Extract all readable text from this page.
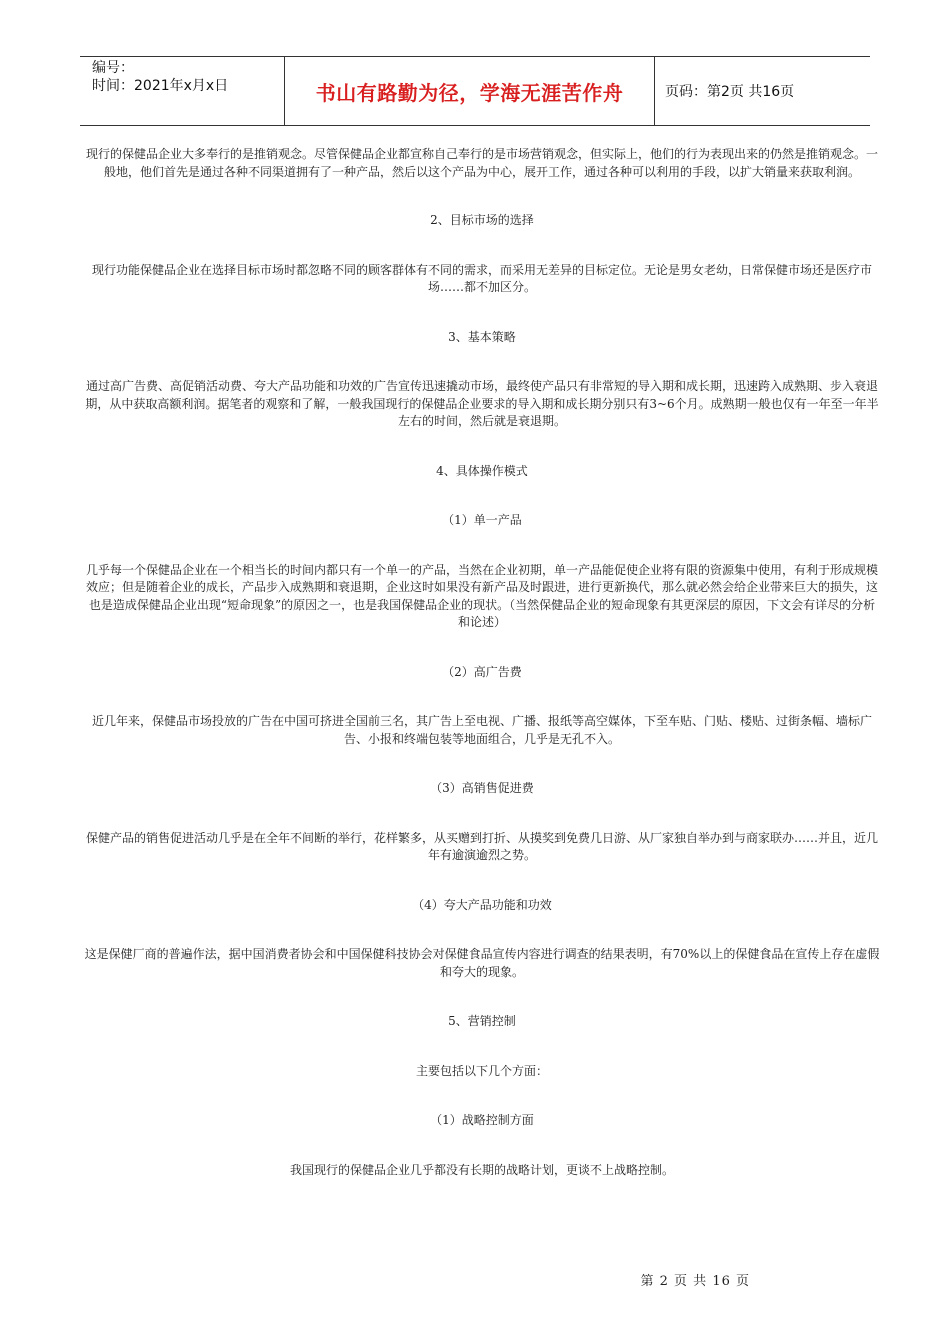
编号：
时间：2021年x月x日	书山有路勤为径，学海无涯苦作舟	页码：第2页 共16页

现行的保健品企业大多奉行的是推销观念。尽管保健品企业都宣称自己奉行的是市场营销观念，但实际上，他们的行为表现出来的仍然是推销观念。一般地，他们首先是通过各种不同渠道拥有了一种产品，然后以这个产品为中心，展开工作，通过各种可以利用的手段，以扩大销量来获取利润。

2、目标市场的选择

现行功能保健品企业在选择目标市场时都忽略不同的顾客群体有不同的需求，而采用无差异的目标定位。无论是男女老幼，日常保健市场还是医疗市场……都不加区分。

3、基本策略

通过高广告费、高促销活动费、夸大产品功能和功效的广告宣传迅速撬动市场，最终使产品只有非常短的导入期和成长期，迅速跨入成熟期、步入衰退期，从中获取高额利润。据笔者的观察和了解，一般我国现行的保健品企业要求的导入期和成长期分别只有3~6个月。成熟期一般也仅有一年至一年半左右的时间，然后就是衰退期。

4、具体操作模式

（1）单一产品

几乎每一个保健品企业在一个相当长的时间内都只有一个单一的产品，当然在企业初期，单一产品能促使企业将有限的资源集中使用，有利于形成规模效应；但是随着企业的成长，产品步入成熟期和衰退期，企业这时如果没有新产品及时跟进，进行更新换代，那么就必然会给企业带来巨大的损失，这也是造成保健品企业出现“短命现象”的原因之一，也是我国保健品企业的现状。（当然保健品企业的短命现象有其更深层的原因，下文会有详尽的分析和论述）

（2）高广告费

近几年来，保健品市场投放的广告在中国可挤进全国前三名，其广告上至电视、广播、报纸等高空媒体，下至车贴、门贴、楼贴、过街条幅、墙标广告、小报和终端包装等地面组合，几乎是无孔不入。

（3）高销售促进费

保健产品的销售促进活动几乎是在全年不间断的举行，花样繁多，从买赠到打折、从摸奖到免费几日游、从厂家独自举办到与商家联办……并且，近几年有逾演逾烈之势。

（4）夸大产品功能和功效

这是保健厂商的普遍作法，据中国消费者协会和中国保健科技协会对保健食品宣传内容进行调查的结果表明，有70%以上的保健食品在宣传上存在虚假和夸大的现象。

5、营销控制

主要包括以下几个方面：

（1）战略控制方面

我国现行的保健品企业几乎都没有长期的战略计划，更谈不上战略控制。

第 2 页 共 16 页
